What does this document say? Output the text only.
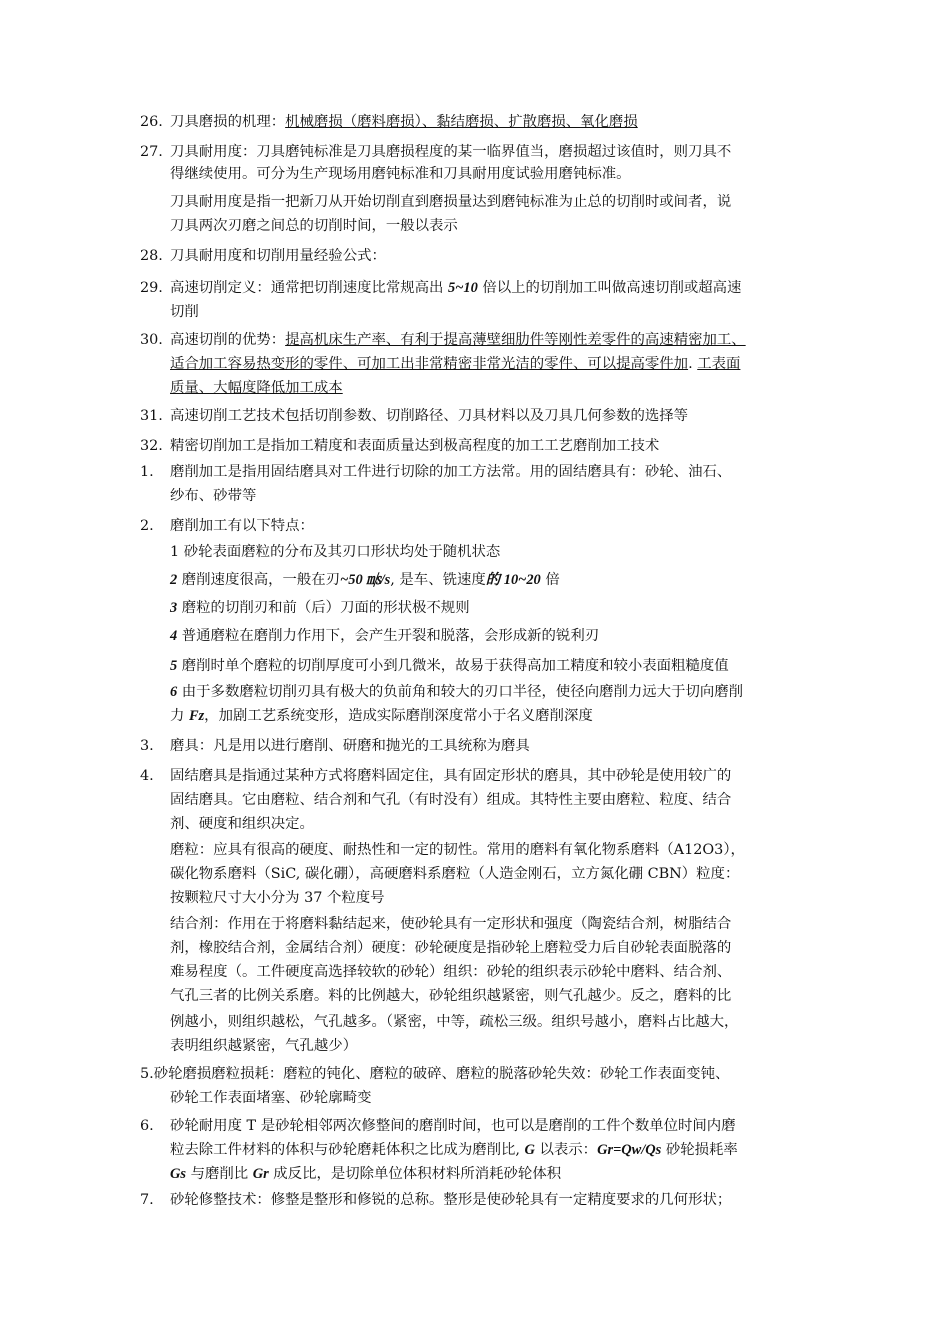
26. 刀具磨损的机理：机械磨损（磨料磨损）、黏结磨损、扩散磨损、氧化磨损
27. 刀具耐用度：刀具磨钝标准是刀具磨损程度的某一临界值当，磨损超过该值时，则刀具不
得继续使用。可分为生产现场用磨钝标准和刀具耐用度试验用磨钝标准。
刀具耐用度是指一把新刀从开始切削直到磨损量达到磨钝标准为止总的切削时或间者，说
刀具两次刃磨之间总的切削时间，一般以表示
28. 刀具耐用度和切削用量经验公式：
29. 高速切削定义：通常把切削速度比常规高出 5~10 倍以上的切削加工叫做高速切削或超高速
切削
30. 高速切削的优势：提高机床生产率、有利于提高薄壁细肋件等刚性差零件的高速精密加工、
适合加工容易热变形的零件、可加工出非常精密非常光洁的零件、可以提高零件加. 工表面
质量、大幅度降低加工成本
31. 高速切削工艺技术包括切削参数、切削路径、刀具材料以及刀具几何参数的选择等
32. 精密切削加工是指加工精度和表面质量达到极高程度的加工工艺磨削加工技术
1. 磨削加工是指用固结磨具对工件进行切除的加工方法常。用的固结磨具有：砂轮、油石、
纱布、砂带等
2. 磨削加工有以下特点：
1 砂轮表面磨粒的分布及其刃口形状均处于随机状态
2 磨削速度很高，一般在刃~50 ㎧/s, 是车、铣速度的 10~20 倍
3 磨粒的切削刃和前（后）刀面的形状极不规则
4 普通磨粒在磨削力作用下，会产生开裂和脱落，会形成新的锐利刃
5 磨削时单个磨粒的切削厚度可小到几微米，故易于获得高加工精度和较小表面粗糙度值
6 由于多数磨粒切削刃具有极大的负前角和较大的刃口半径，使径向磨削力远大于切向磨削
力 Fz，加剧工艺系统变形，造成实际磨削深度常小于名义磨削深度
3. 磨具：凡是用以进行磨削、研磨和抛光的工具统称为磨具
4. 固结磨具是指通过某种方式将磨料固定住，具有固定形状的磨具，其中砂轮是使用较广的
固结磨具。它由磨粒、结合剂和气孔（有时没有）组成。其特性主要由磨粒、粒度、结合
剂、硬度和组织决定。
磨粒：应具有很高的硬度、耐热性和一定的韧性。常用的磨料有氧化物系磨料（A12O3），
碳化物系磨料（SiC, 碳化硼），高硬磨料系磨粒（人造金刚石，立方氮化硼 CBN）粒度：
按颗粒尺寸大小分为 37 个粒度号
结合剂：作用在于将磨料黏结起来，使砂轮具有一定形状和强度（陶瓷结合剂，树脂结合
剂，橡胶结合剂，金属结合剂）硬度：砂轮硬度是指砂轮上磨粒受力后自砂轮表面脱落的
难易程度（。工件硬度高选择较软的砂轮）组织：砂轮的组织表示砂轮中磨料、结合剂、
气孔三者的比例关系磨。料的比例越大，砂轮组织越紧密，则气孔越少。反之，磨料的比
例越小，则组织越松，气孔越多。（紧密，中等，疏松三级。组织号越小，磨料占比越大，
表明组织越紧密，气孔越少）
5.砂轮磨损磨粒损耗：磨粒的钝化、磨粒的破碎、磨粒的脱落砂轮失效：砂轮工作表面变钝、
砂轮工作表面堵塞、砂轮廓畸变
6. 砂轮耐用度 T 是砂轮相邻两次修整间的磨削时间，也可以是磨削的工件个数单位时间内磨
粒去除工件材料的体积与砂轮磨耗体积之比成为磨削比, G 以表示：Gr=Qw/Qs 砂轮损耗率
Gs 与磨削比 Gr 成反比，是切除单位体积材料所消耗砂轮体积
7. 砂轮修整技术：修整是整形和修锐的总称。整形是使砂轮具有一定精度要求的几何形状；
